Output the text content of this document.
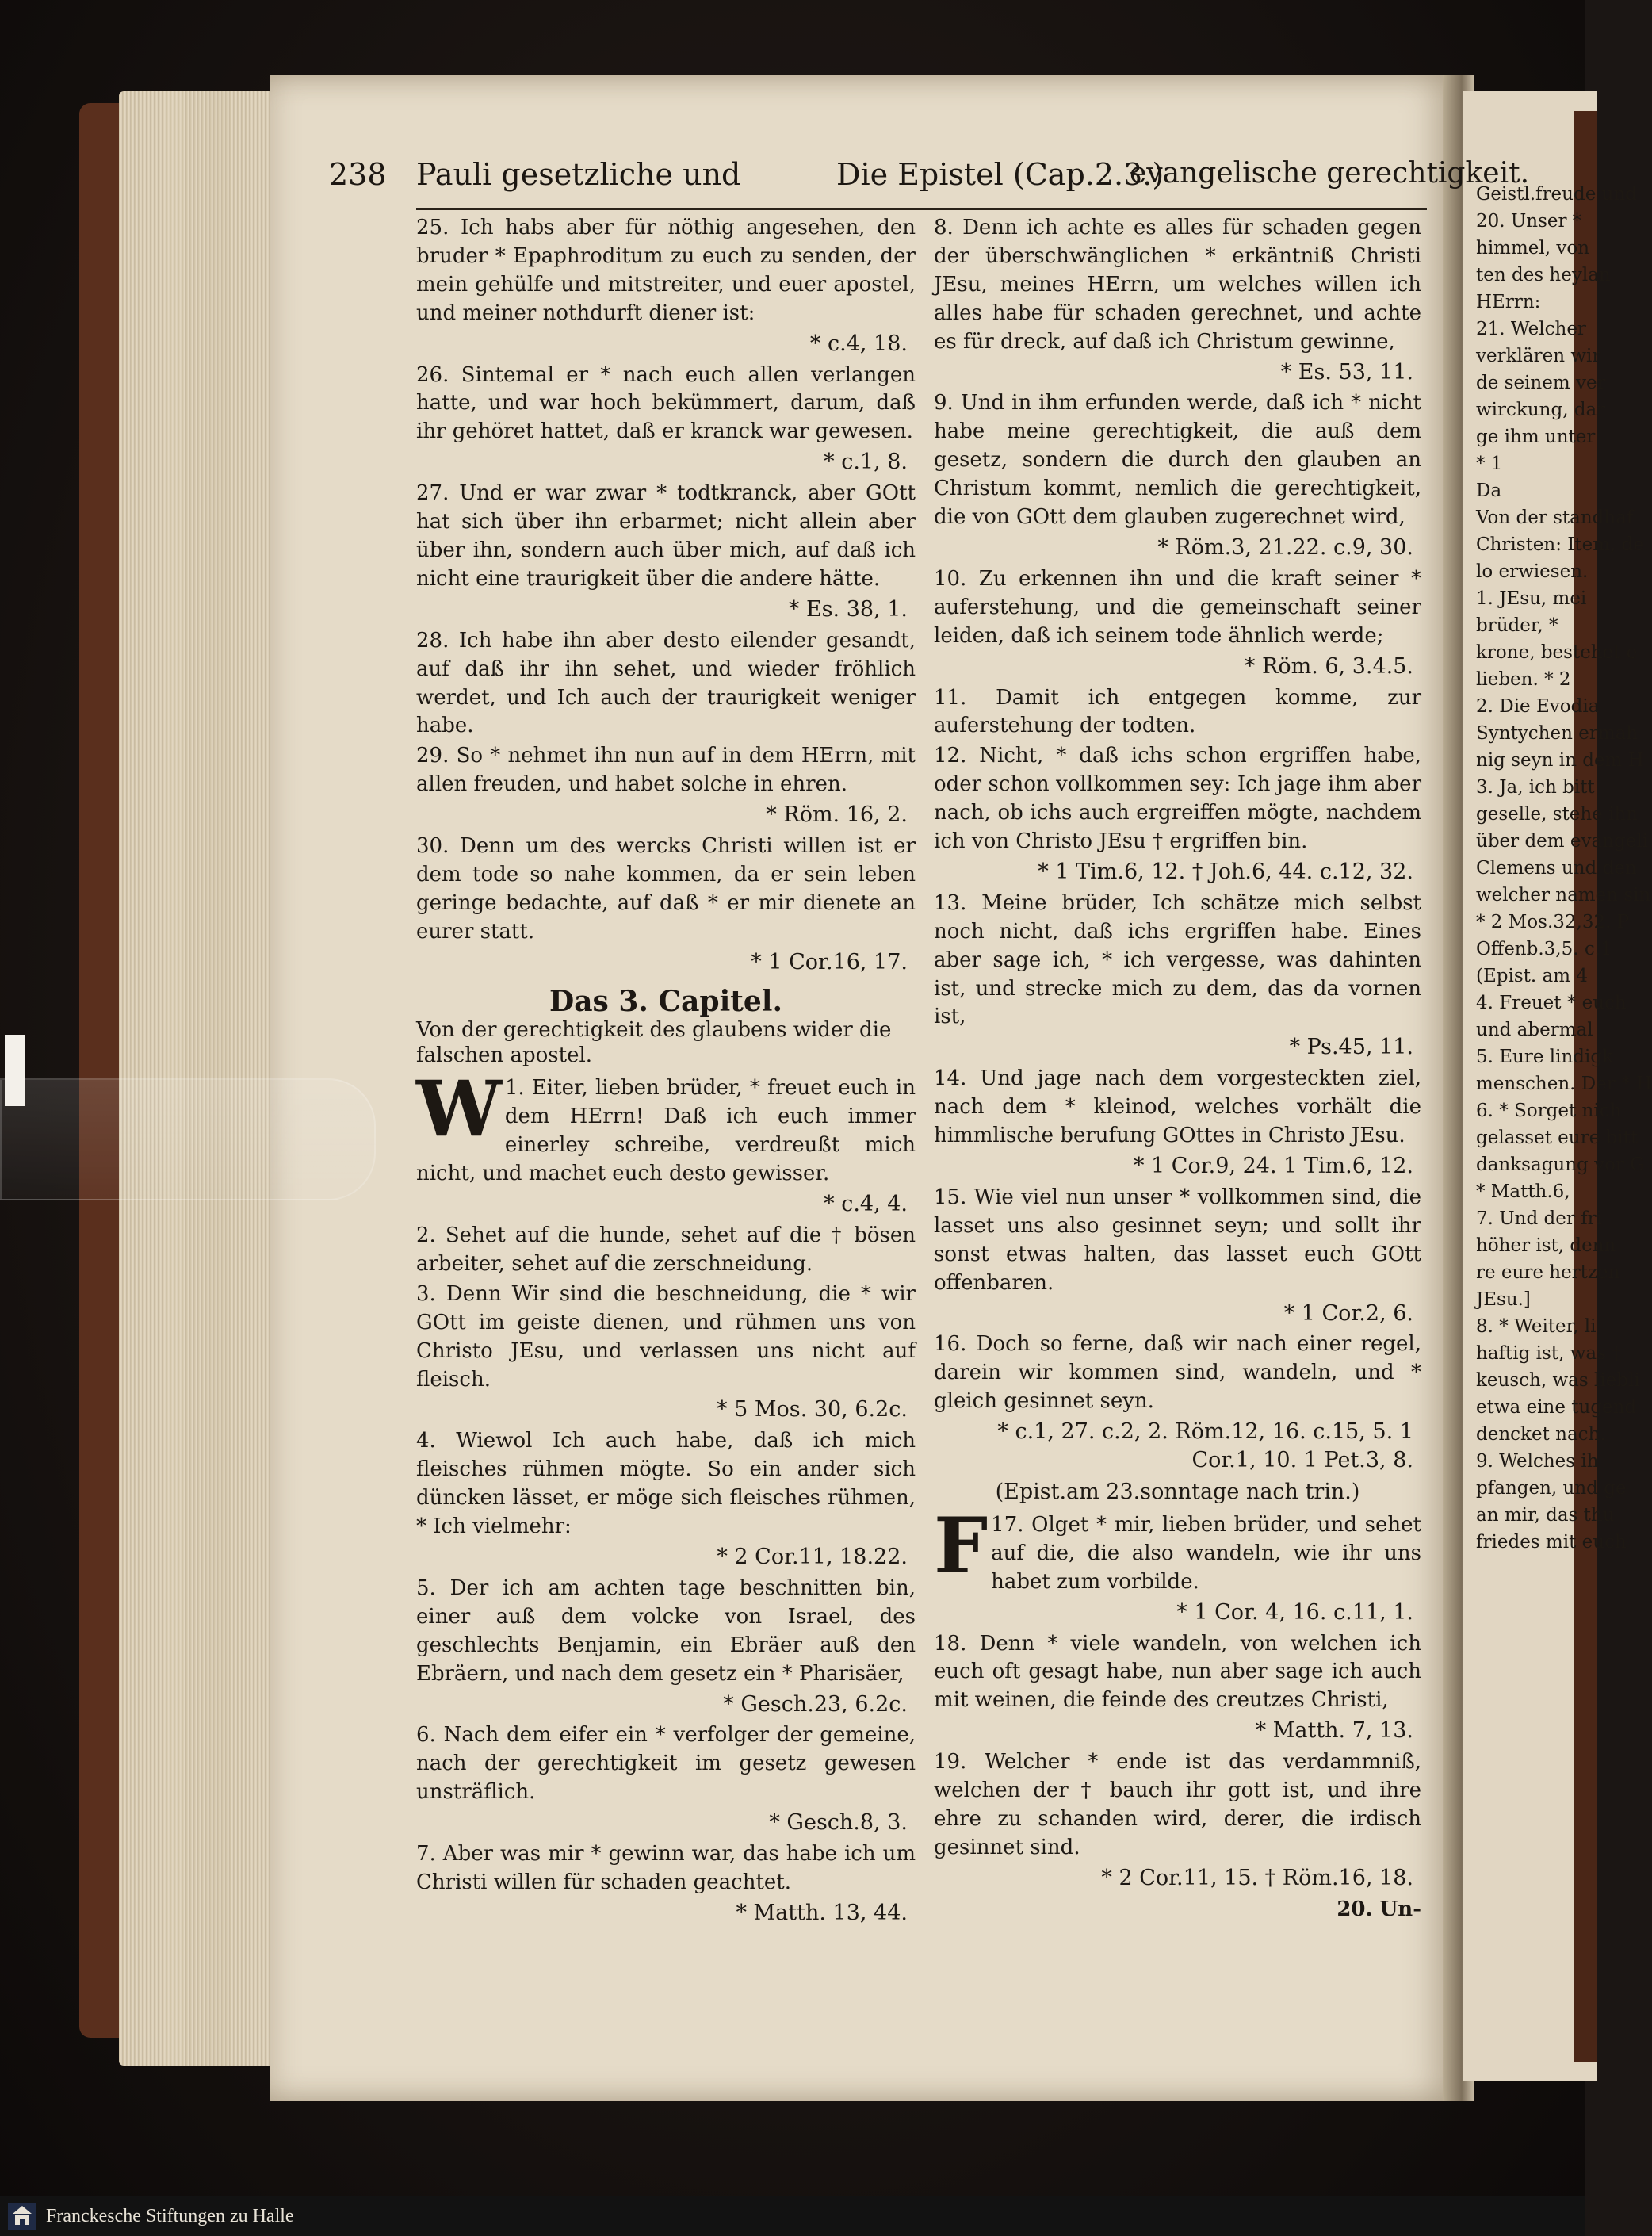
238 Pauli gesetzliche und	Die Epistel (Cap.2.3.)
evangelische gerechtigkeit.

25. Ich habs aber für nöthig angesehen, den bruder * Epaphroditum zu euch zu senden, der mein gehülfe und mitstreiter, und euer apostel, und meiner nothdurft diener ist:

* c.4, 18.

26. Sintemal er * nach euch allen verlangen hatte, und war hoch bekümmert, darum, daß ihr gehöret hattet, daß er kranck war gewesen.

* c.1, 8.

27. Und er war zwar * todtkranck, aber GOtt hat sich über ihn erbarmet; nicht allein aber über ihn, sondern auch über mich, auf daß ich nicht eine traurigkeit über die andere hätte.

* Es. 38, 1.

28. Ich habe ihn aber desto eilender gesandt, auf daß ihr ihn sehet, und wieder fröhlich werdet, und Ich auch der traurigkeit weniger habe.

29. So * nehmet ihn nun auf in dem HErrn, mit allen freuden, und habet solche in ehren.

* Röm. 16, 2.

30. Denn um des wercks Christi willen ist er dem tode so nahe kommen, da er sein leben geringe bedachte, auf daß * er mir dienete an eurer statt.

* 1 Cor.16, 17.
Das 3. Capitel.
Von der gerechtigkeit des glaubens wider die falschen apostel.

W 1. Eiter, lieben brüder, * freuet euch in dem HErrn! Daß ich euch immer einerley schreibe, verdreußt mich nicht, und machet euch desto gewisser.

* c.4, 4.

2. Sehet auf die hunde, sehet auf die † bösen arbeiter, sehet auf die zerschneidung.

3. Denn Wir sind die beschneidung, die * wir GOtt im geiste dienen, und rühmen uns von Christo JEsu, und verlassen uns nicht auf fleisch.

* 5 Mos. 30, 6.2c.

4. Wiewol Ich auch habe, daß ich mich fleisches rühmen mögte. So ein ander sich düncken lässet, er möge sich fleisches rühmen, * Ich vielmehr:

* 2 Cor.11, 18.22.

5. Der ich am achten tage beschnitten bin, einer auß dem volcke von Israel, des geschlechts Benjamin, ein Ebräer auß den Ebräern, und nach dem gesetz ein * Pharisäer,

* Gesch.23, 6.2c.

6. Nach dem eifer ein * verfolger der gemeine, nach der gerechtigkeit im gesetz gewesen unsträflich.

* Gesch.8, 3.

7. Aber was mir * gewinn war, das habe ich um Christi willen für schaden geachtet.

* Matth. 13, 44.

8. Denn ich achte es alles für schaden gegen der überschwänglichen * erkäntniß Christi JEsu, meines HErrn, um welches willen ich alles habe für schaden gerechnet, und achte es für dreck, auf daß ich Christum gewinne,

* Es. 53, 11.

9. Und in ihm erfunden werde, daß ich * nicht habe meine gerechtigkeit, die auß dem gesetz, sondern die durch den glauben an Christum kommt, nemlich die gerechtigkeit, die von GOtt dem glauben zugerechnet wird,

* Röm.3, 21.22. c.9, 30.

10. Zu erkennen ihn und die kraft seiner * auferstehung, und die gemeinschaft seiner leiden, daß ich seinem tode ähnlich werde;

* Röm. 6, 3.4.5.

11. Damit ich entgegen komme, zur auferstehung der todten.

12. Nicht, * daß ichs schon ergriffen habe, oder schon vollkommen sey: Ich jage ihm aber nach, ob ichs auch ergreiffen mögte, nachdem ich von Christo JEsu † ergriffen bin.

* 1 Tim.6, 12. † Joh.6, 44. c.12, 32.

13. Meine brüder, Ich schätze mich selbst noch nicht, daß ichs ergriffen habe. Eines aber sage ich, * ich vergesse, was dahinten ist, und strecke mich zu dem, das da vornen ist,

* Ps.45, 11.

14. Und jage nach dem vorgesteckten ziel, nach dem * kleinod, welches vorhält die himmlische berufung GOttes in Christo JEsu.

* 1 Cor.9, 24. 1 Tim.6, 12.

15. Wie viel nun unser * vollkommen sind, die lasset uns also gesinnet seyn; und sollt ihr sonst etwas halten, das lasset euch GOtt offenbaren.

* 1 Cor.2, 6.

16. Doch so ferne, daß wir nach einer regel, darein wir kommen sind, wandeln, und * gleich gesinnet seyn.

* c.1, 27. c.2, 2. Röm.12, 16. c.15, 5. 1 Cor.1, 10. 1 Pet.3, 8.
(Epist.am 23.sonntage nach trin.)

F 17. Olget * mir, lieben brüder, und sehet auf die, die also wandeln, wie ihr uns habet zum vorbilde.

* 1 Cor. 4, 16. c.11, 1.

18. Denn * viele wandeln, von welchen ich euch oft gesagt habe, nun aber sage ich auch mit weinen, die feinde des creutzes Christi,

* Matth. 7, 13.

19. Welcher * ende ist das verdammniß, welchen der † bauch ihr gott ist, und ihre ehre zu schanden wird, derer, die irdisch gesinnet sind.

* 2 Cor.11, 15. † Röm.16, 18.
20. Un-
Geistl.freude und
20. Unser *
himmel, von
ten des heylan
HErrn:
21. Welcher
verklären wir
de seinem ver
wirckung, dar
ge ihm unter
* 1
Da
Von der standhaf
Christen: Item, de
lo erwiesen.
1. JEsu, mei
brüder, *
krone, bestehet e
lieben. * 2
2. Die Evodia
Syntychen ermah
nig seyn in dem H
3. Ja, ich bitt
geselle, stehe ihn
über dem evangeli
Clemens und den
welcher namen sin
* 2 Mos.32,32. P
Offenb.3,5. c.1
(Epist. am 4
4. Freuet * euch
und abermal
5. Eure lindigk
menschen. Der * H
6. * Sorget nich
gelasset eure bitt
danksagung vor G
* Matth.6,
7. Und der fri
höher ist, denn
re eure hertzen
JEsu.]
8. * Weiter, li
haftig ist, was †
keusch, was liebli
etwa eine tugend
dencket nach.
9. Welches ih
pfangen, und ge
an mir, das thu
friedes mit euch
Franckesche Stiftungen zu Halle
